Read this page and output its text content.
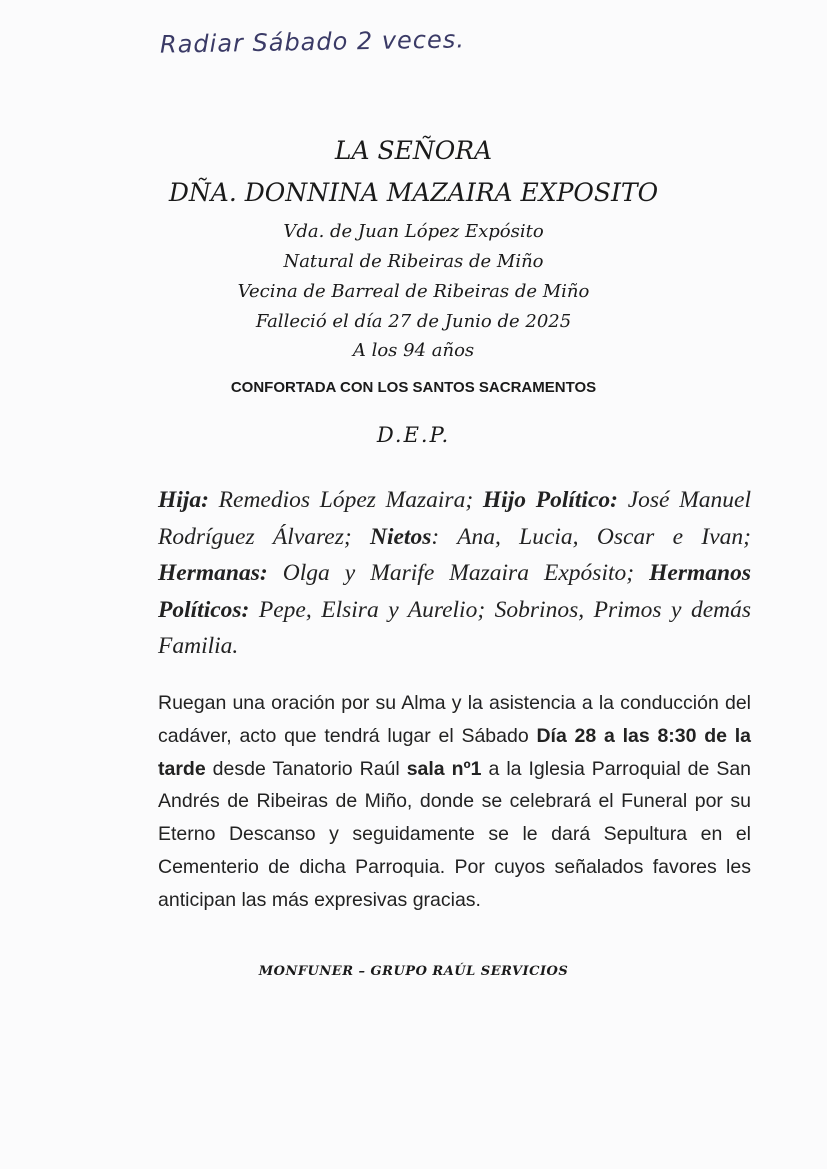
Radiar Sábado 2 veces.
LA SEÑORA
DÑA. DONNINA MAZAIRA EXPOSITO
Vda. de Juan López Expósito
Natural de Ribeiras de Miño
Vecina de Barreal de Ribeiras de Miño
Falleció el día 27 de Junio de 2025
A los 94 años
CONFORTADA CON LOS SANTOS SACRAMENTOS
D.E.P.
Hija: Remedios López Mazaira; Hijo Político: José Manuel Rodríguez Álvarez; Nietos: Ana, Lucia, Oscar e Ivan; Hermanas: Olga y Marife Mazaira Expósito; Hermanos Políticos: Pepe, Elsira y Aurelio; Sobrinos, Primos y demás Familia.
Ruegan una oración por su Alma y la asistencia a la conducción del cadáver, acto que tendrá lugar el Sábado Día 28 a las 8:30 de la tarde desde Tanatorio Raúl sala nº1 a la Iglesia Parroquial de San Andrés de Ribeiras de Miño, donde se celebrará el Funeral por su Eterno Descanso y seguidamente se le dará Sepultura en el Cementerio de dicha Parroquia. Por cuyos señalados favores les anticipan las más expresivas gracias.
MONFUNER – GRUPO RAÚL SERVICIOS
